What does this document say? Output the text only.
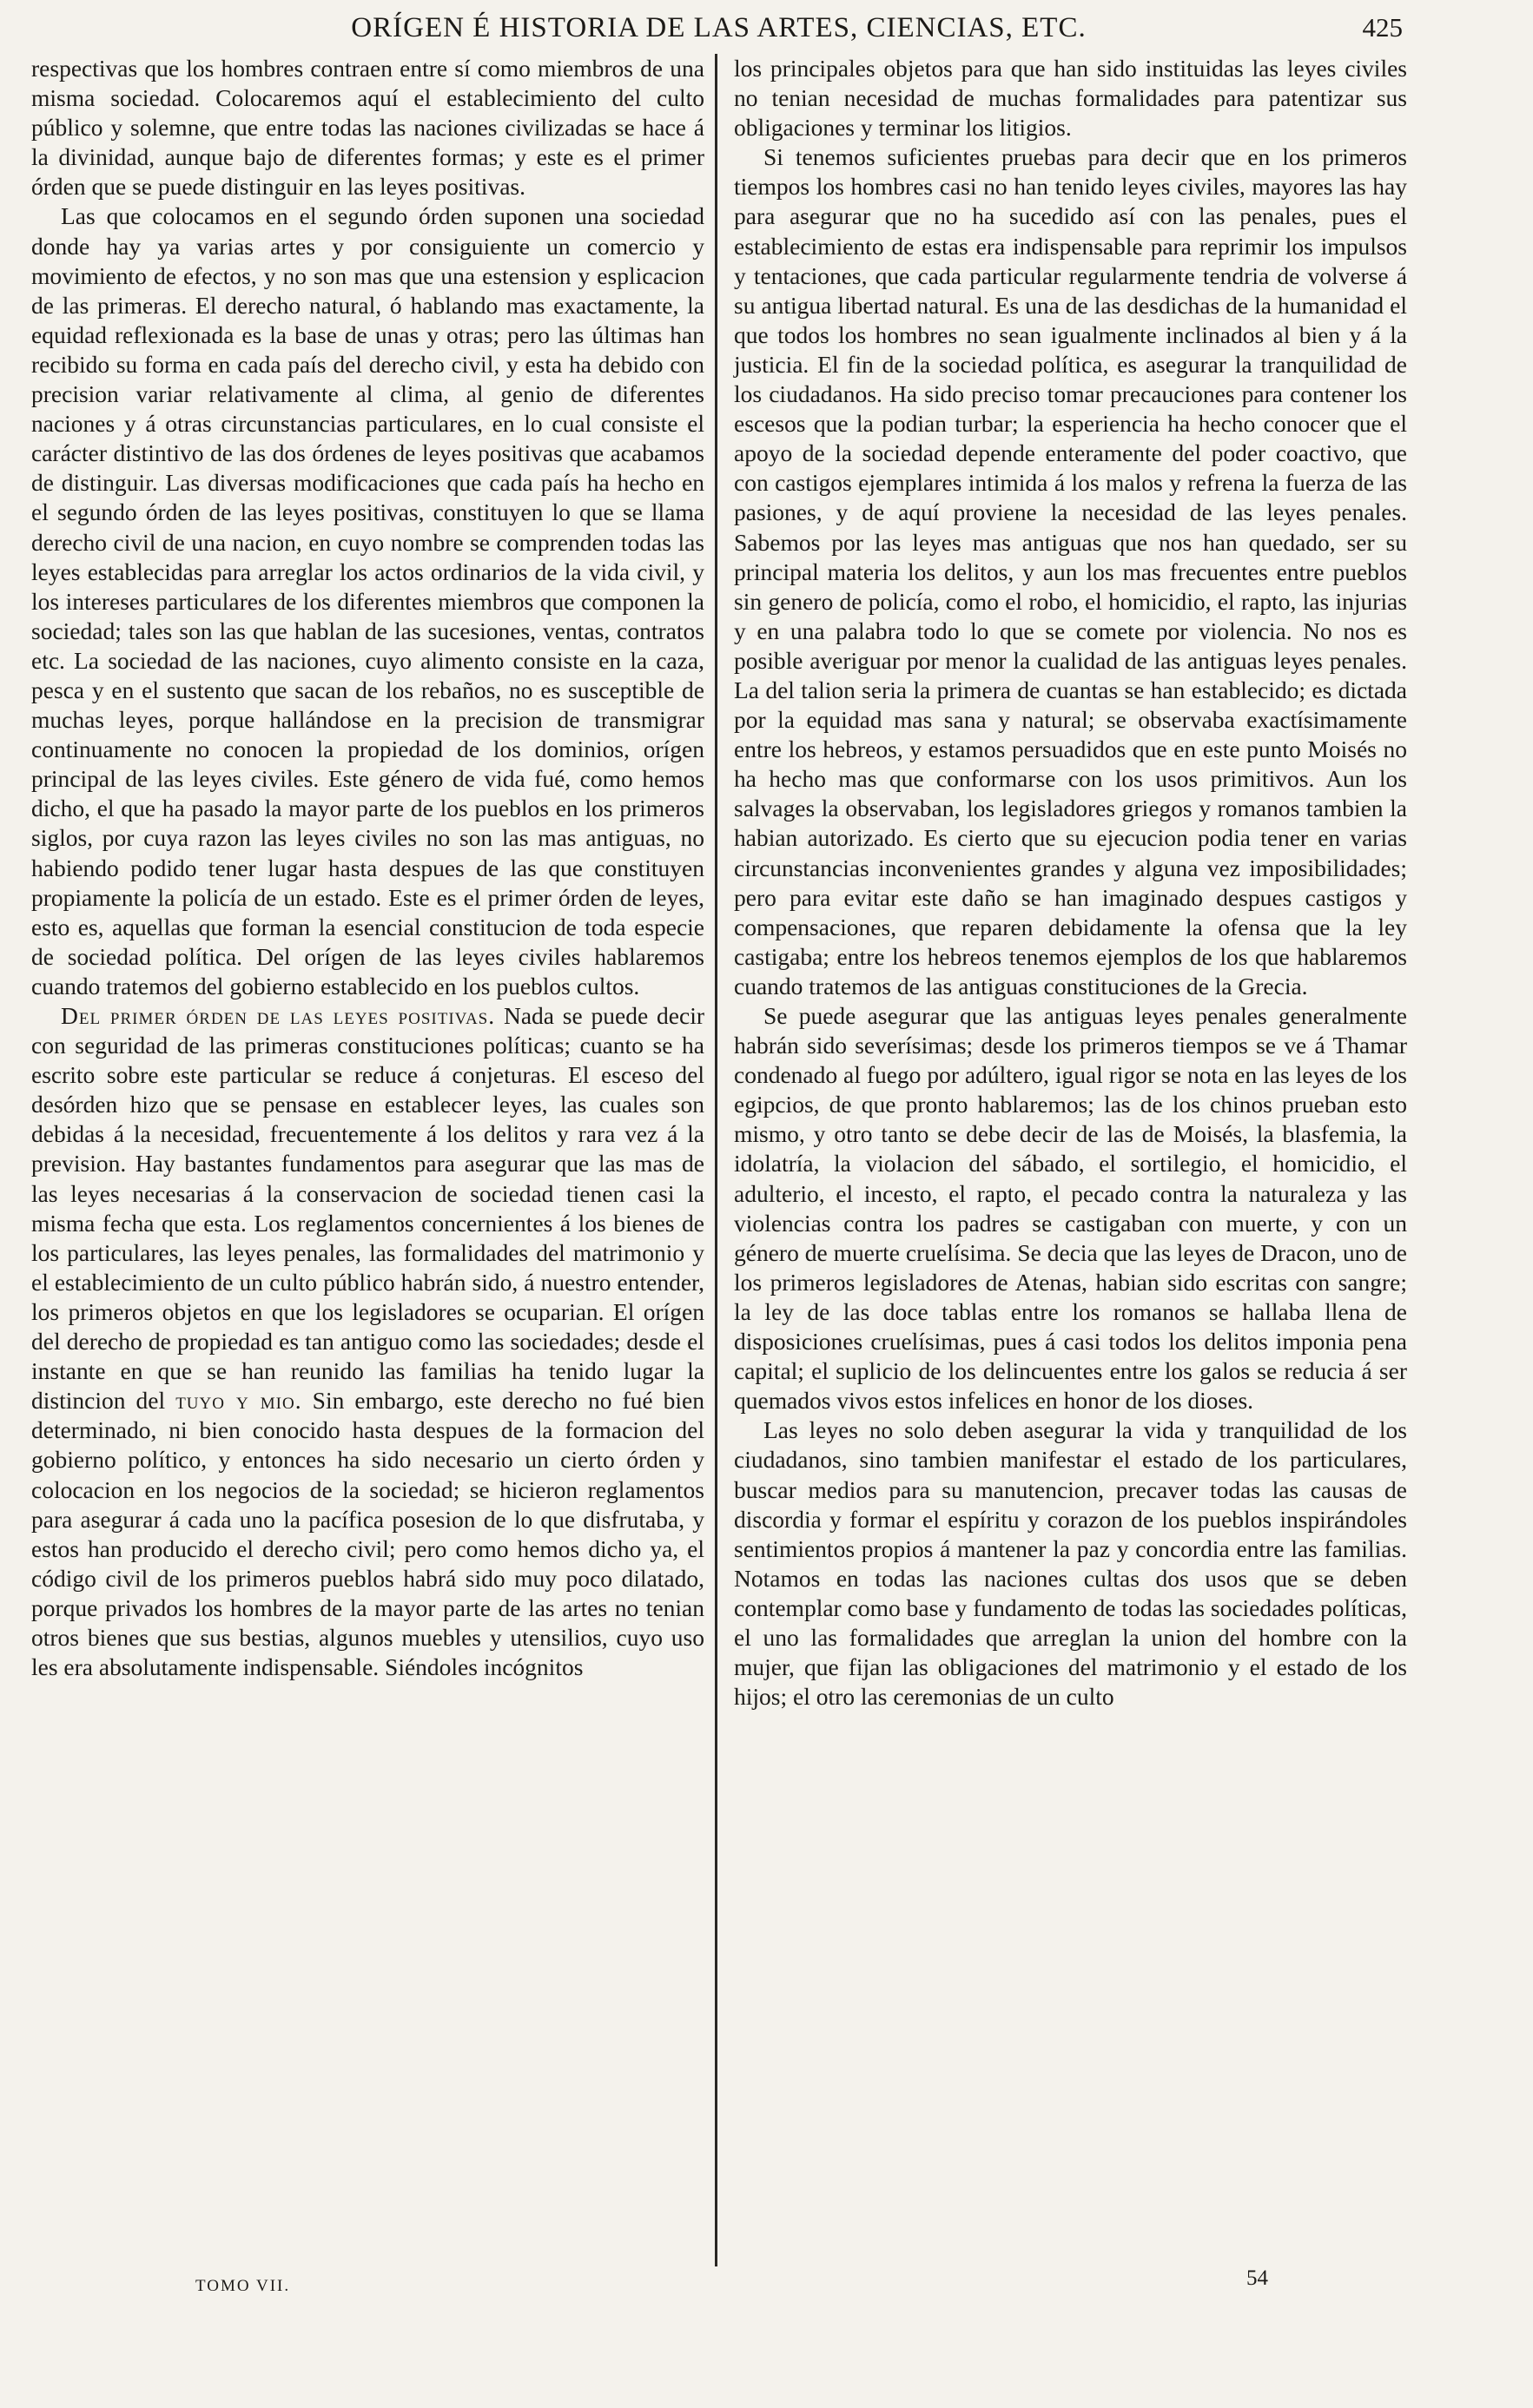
ORÍGEN É HISTORIA DE LAS ARTES, CIENCIAS, ETC.	425

respectivas que los hombres contraen entre sí como miembros de una misma sociedad. Colocaremos aquí el establecimiento del culto público y solemne, que entre todas las naciones civilizadas se hace á la divinidad, aunque bajo de diferentes formas; y este es el primer órden que se puede distinguir en las leyes positivas.

Las que colocamos en el segundo órden suponen una sociedad donde hay ya varias artes y por consiguiente un comercio y movimiento de efectos, y no son mas que una estension y esplicacion de las primeras. El derecho natural, ó hablando mas exactamente, la equidad reflexionada es la base de unas y otras; pero las últimas han recibido su forma en cada país del derecho civil, y esta ha debido con precision variar relativamente al clima, al genio de diferentes naciones y á otras circunstancias particulares, en lo cual consiste el carácter distintivo de las dos órdenes de leyes positivas que acabamos de distinguir. Las diversas modificaciones que cada país ha hecho en el segundo órden de las leyes positivas, constituyen lo que se llama derecho civil de una nacion, en cuyo nombre se comprenden todas las leyes establecidas para arreglar los actos ordinarios de la vida civil, y los intereses particulares de los diferentes miembros que componen la sociedad; tales son las que hablan de las sucesiones, ventas, contratos etc. La sociedad de las naciones, cuyo alimento consiste en la caza, pesca y en el sustento que sacan de los rebaños, no es susceptible de muchas leyes, porque hallándose en la precision de transmigrar continuamente no conocen la propiedad de los dominios, orígen principal de las leyes civiles. Este género de vida fué, como hemos dicho, el que ha pasado la mayor parte de los pueblos en los primeros siglos, por cuya razon las leyes civiles no son las mas antiguas, no habiendo podido tener lugar hasta despues de las que constituyen propiamente la policía de un estado. Este es el primer órden de leyes, esto es, aquellas que forman la esencial constitucion de toda especie de sociedad política. Del orígen de las leyes civiles hablaremos cuando tratemos del gobierno establecido en los pueblos cultos.

Del primer órden de las leyes positivas. Nada se puede decir con seguridad de las primeras constituciones políticas; cuanto se ha escrito sobre este particular se reduce á conjeturas. El esceso del desórden hizo que se pensase en establecer leyes, las cuales son debidas á la necesidad, frecuentemente á los delitos y rara vez á la prevision. Hay bastantes fundamentos para asegurar que las mas de las leyes necesarias á la conservacion de sociedad tienen casi la misma fecha que esta. Los reglamentos concernientes á los bienes de los particulares, las leyes penales, las formalidades del matrimonio y el establecimiento de un culto público habrán sido, á nuestro entender, los primeros objetos en que los legisladores se ocuparian. El orígen del derecho de propiedad es tan antiguo como las sociedades; desde el instante en que se han reunido las familias ha tenido lugar la distincion del tuyo y mio. Sin embargo, este derecho no fué bien determinado, ni bien conocido hasta despues de la formacion del gobierno político, y entonces ha sido necesario un cierto órden y colocacion en los negocios de la sociedad; se hicieron reglamentos para asegurar á cada uno la pacífica posesion de lo que disfrutaba, y estos han producido el derecho civil; pero como hemos dicho ya, el código civil de los primeros pueblos habrá sido muy poco dilatado, porque privados los hombres de la mayor parte de las artes no tenian otros bienes que sus bestias, algunos muebles y utensilios, cuyo uso les era absolutamente indispensable. Siéndoles incógnitos

los principales objetos para que han sido instituidas las leyes civiles no tenian necesidad de muchas formalidades para patentizar sus obligaciones y terminar los litigios.

Si tenemos suficientes pruebas para decir que en los primeros tiempos los hombres casi no han tenido leyes civiles, mayores las hay para asegurar que no ha sucedido así con las penales, pues el establecimiento de estas era indispensable para reprimir los impulsos y tentaciones, que cada particular regularmente tendria de volverse á su antigua libertad natural. Es una de las desdichas de la humanidad el que todos los hombres no sean igualmente inclinados al bien y á la justicia. El fin de la sociedad política, es asegurar la tranquilidad de los ciudadanos. Ha sido preciso tomar precauciones para contener los escesos que la podian turbar; la esperiencia ha hecho conocer que el apoyo de la sociedad depende enteramente del poder coactivo, que con castigos ejemplares intimida á los malos y refrena la fuerza de las pasiones, y de aquí proviene la necesidad de las leyes penales. Sabemos por las leyes mas antiguas que nos han quedado, ser su principal materia los delitos, y aun los mas frecuentes entre pueblos sin genero de policía, como el robo, el homicidio, el rapto, las injurias y en una palabra todo lo que se comete por violencia. No nos es posible averiguar por menor la cualidad de las antiguas leyes penales. La del talion seria la primera de cuantas se han establecido; es dictada por la equidad mas sana y natural; se observaba exactísimamente entre los hebreos, y estamos persuadidos que en este punto Moisés no ha hecho mas que conformarse con los usos primitivos. Aun los salvages la observaban, los legisladores griegos y romanos tambien la habian autorizado. Es cierto que su ejecucion podia tener en varias circunstancias inconvenientes grandes y alguna vez imposibilidades; pero para evitar este daño se han imaginado despues castigos y compensaciones, que reparen debidamente la ofensa que la ley castigaba; entre los hebreos tenemos ejemplos de los que hablaremos cuando tratemos de las antiguas constituciones de la Grecia.

Se puede asegurar que las antiguas leyes penales generalmente habrán sido severísimas; desde los primeros tiempos se ve á Thamar condenado al fuego por adúltero, igual rigor se nota en las leyes de los egipcios, de que pronto hablaremos; las de los chinos prueban esto mismo, y otro tanto se debe decir de las de Moisés, la blasfemia, la idolatría, la violacion del sábado, el sortilegio, el homicidio, el adulterio, el incesto, el rapto, el pecado contra la naturaleza y las violencias contra los padres se castigaban con muerte, y con un género de muerte cruelísima. Se decia que las leyes de Dracon, uno de los primeros legisladores de Atenas, habian sido escritas con sangre; la ley de las doce tablas entre los romanos se hallaba llena de disposiciones cruelísimas, pues á casi todos los delitos imponia pena capital; el suplicio de los delincuentes entre los galos se reducia á ser quemados vivos estos infelices en honor de los dioses.

Las leyes no solo deben asegurar la vida y tranquilidad de los ciudadanos, sino tambien manifestar el estado de los particulares, buscar medios para su manutencion, precaver todas las causas de discordia y formar el espíritu y corazon de los pueblos inspirándoles sentimientos propios á mantener la paz y concordia entre las familias. Notamos en todas las naciones cultas dos usos que se deben contemplar como base y fundamento de todas las sociedades políticas, el uno las formalidades que arreglan la union del hombre con la mujer, que fijan las obligaciones del matrimonio y el estado de los hijos; el otro las ceremonias de un culto

TOMO VII.	54
